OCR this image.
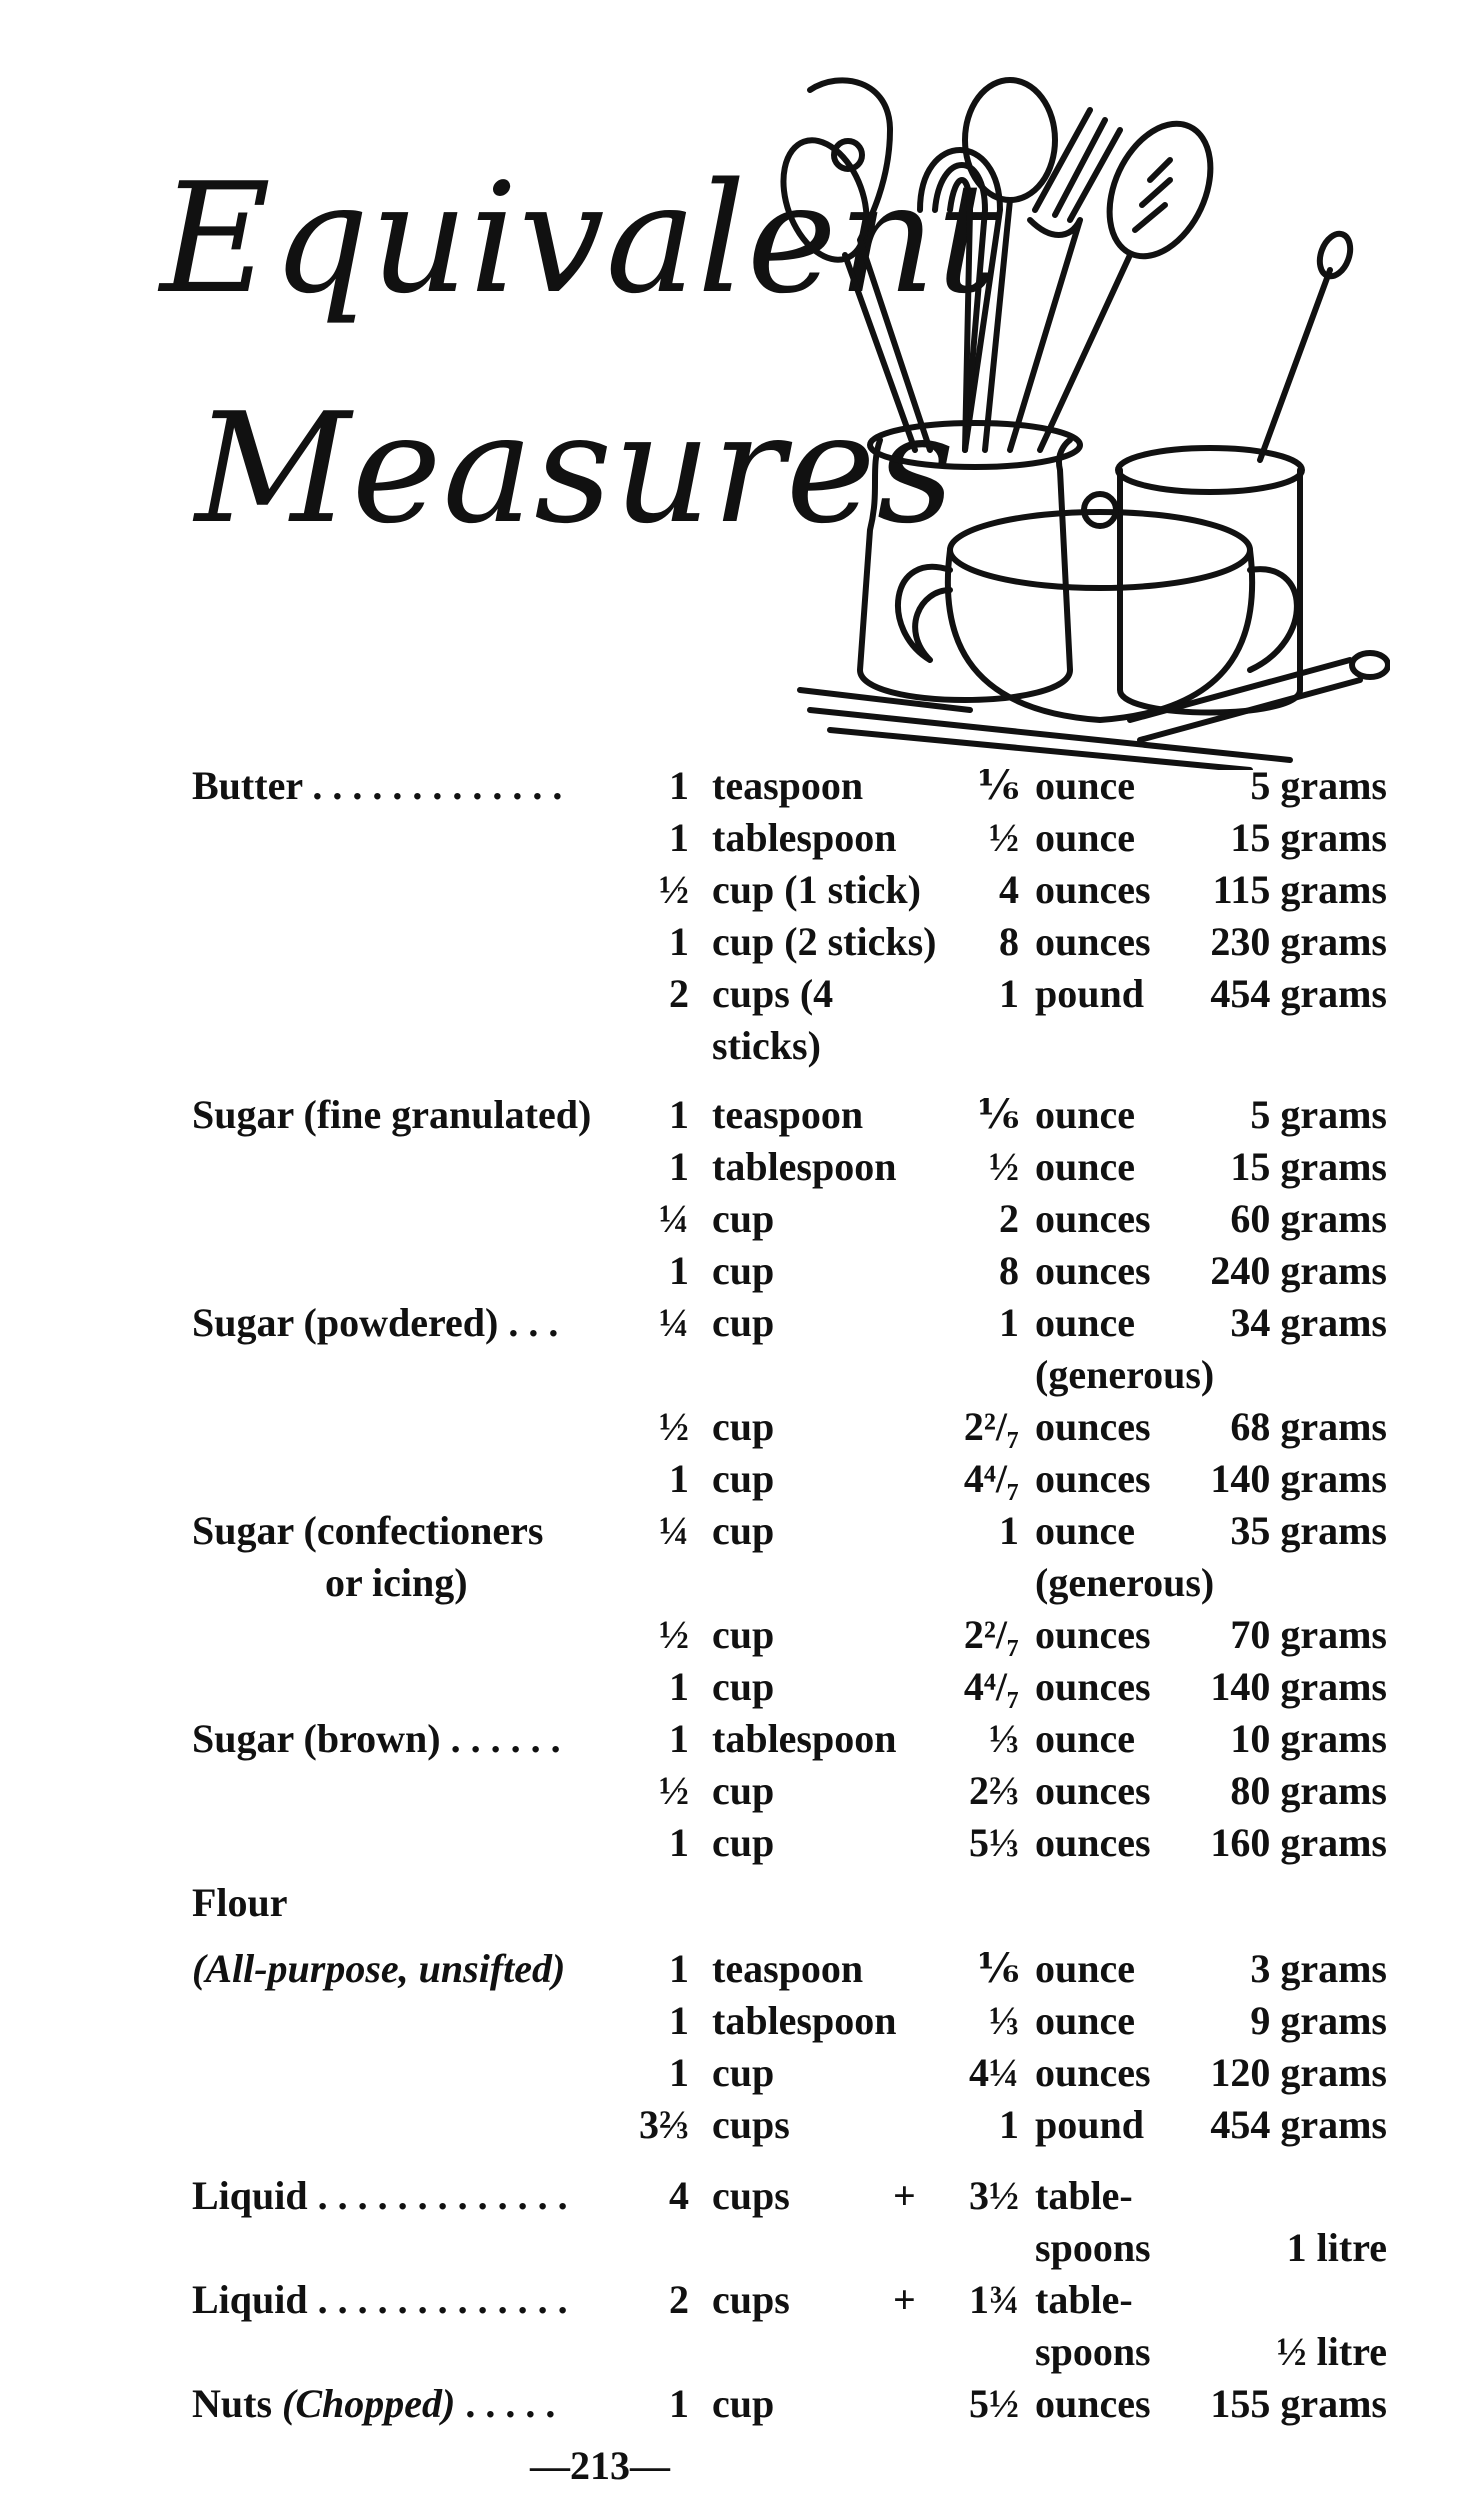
Equivalent
Measures
Butter . . . . . . . . . . . . .	1 teaspoon	⅙ ounce	5 grams
1 tablespoon ½ ounce 15 grams
½ cup (1 stick) 4 ounces 115 grams
1 cup (2 sticks) 8 ounces 230 grams
2 cups (4	1 pound 454 grams
sticks)
Sugar (fine granulated) 1 teaspoon	⅙ ounce	5 grams
1 tablespoon ½ ounce 15 grams
¼ cup	2 ounces 60 grams
1 cup	8 ounces 240 grams
Sugar (powdered) . . .	¼ cup	1 ounce 34 grams
(generous)
½ cup	2²/₇ ounces 68 grams
1 cup	4⁴/₇ ounces 140 grams
Sugar (confectioners	¼ cup	1 ounce 35 grams
or icing)	(generous)
½ cup	2²/₇ ounces 70 grams
1 cup	4⁴/₇ ounces 140 grams
Sugar (brown) . . . . . .	1 tablespoon ⅓ ounce 10 grams
½ cup	2⅔ ounces 80 grams
1 cup	5⅓ ounces 160 grams
Flour
(All-purpose, unsifted)	1 teaspoon	⅙ ounce	3 grams
1 tablespoon ⅓ ounce	9 grams
1 cup	4¼ ounces 120 grams
3⅔ cups	1 pound 454 grams
Liquid . . . . . . . . . . . . .	4 cups	+ 3½ table-
spoons	1 litre
Liquid . . . . . . . . . . . . .	2 cups	+ 1¾ table-
spoons	½ litre
Nuts (Chopped) . . . . .	1 cup	5½ ounces 155 grams
—213—
